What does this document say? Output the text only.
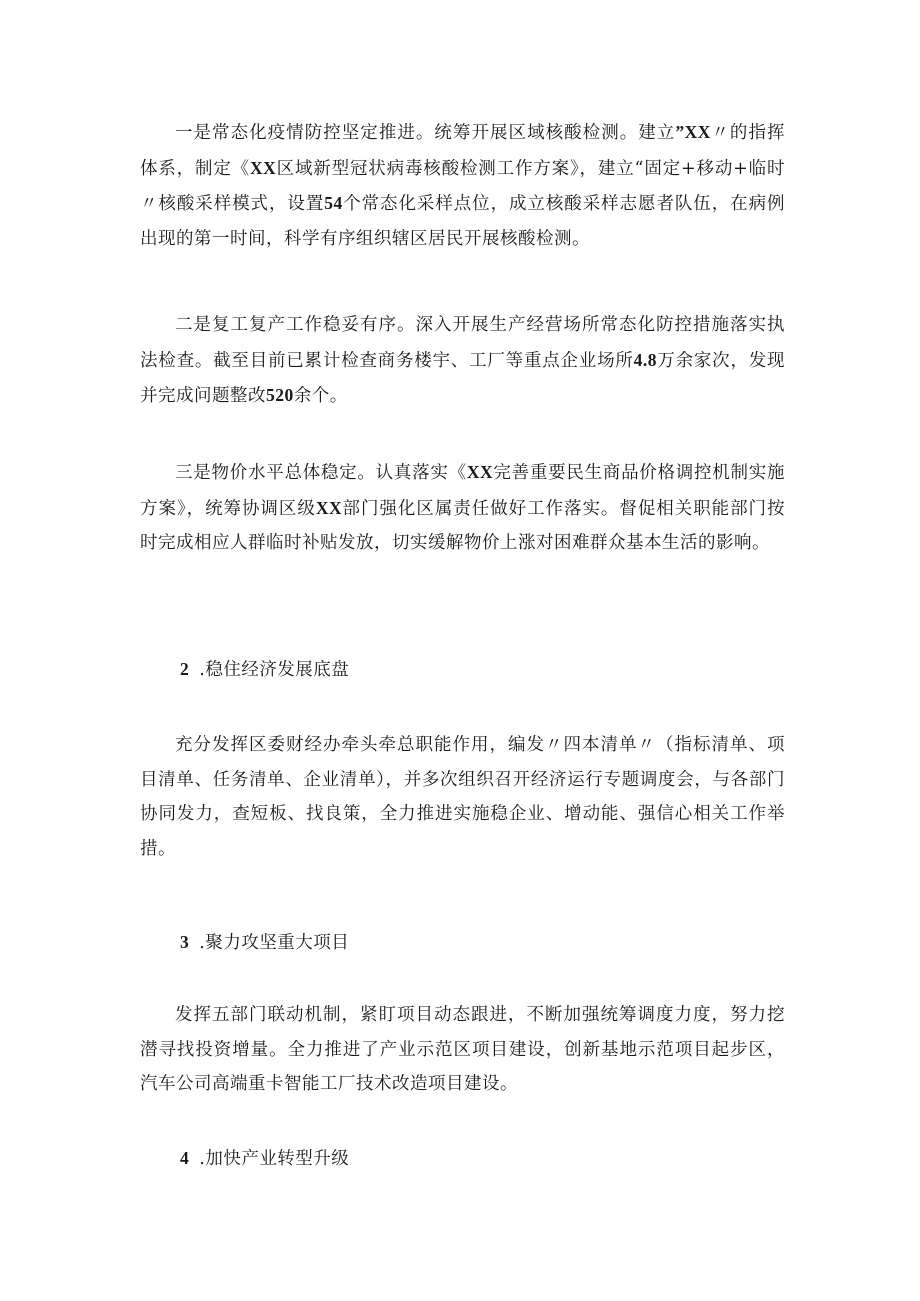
一是常态化疫情防控坚定推进。统筹开展区域核酸检测。建立”XX〃的指挥体系，制定《XX区域新型冠状病毒核酸检测工作方案》，建立“固定+移动+临时〃核酸采样模式，设置54个常态化采样点位，成立核酸采样志愿者队伍，在病例出现的第一时间，科学有序组织辖区居民开展核酸检测。

二是复工复产工作稳妥有序。深入开展生产经营场所常态化防控措施落实执法检查。截至目前已累计检查商务楼宇、工厂等重点企业场所4.8万余家次，发现并完成问题整改520余个。

三是物价水平总体稳定。认真落实《XX完善重要民生商品价格调控机制实施方案》，统筹协调区级XX部门强化区属责任做好工作落实。督促相关职能部门按时完成相应人群临时补贴发放，切实缓解物价上涨对困难群众基本生活的影响。

2 .稳住经济发展底盘

充分发挥区委财经办牵头牵总职能作用，编发〃四本清单〃（指标清单、项目清单、任务清单、企业清单），并多次组织召开经济运行专题调度会，与各部门协同发力，查短板、找良策，全力推进实施稳企业、增动能、强信心相关工作举措。

3 .聚力攻坚重大项目

发挥五部门联动机制，紧盯项目动态跟进，不断加强统筹调度力度，努力挖潜寻找投资增量。全力推进了产业示范区项目建设，创新基地示范项目起步区，汽车公司高端重卡智能工厂技术改造项目建设。

4 .加快产业转型升级
